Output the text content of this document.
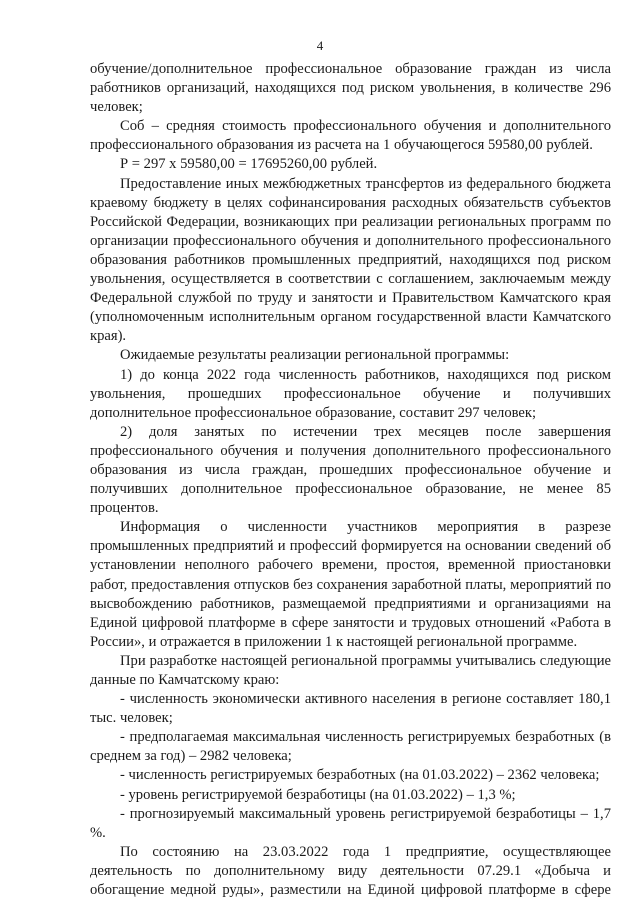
4

обучение/дополнительное профессиональное образование граждан из числа работников организаций, находящихся под риском увольнения, в количестве 296 человек;

Соб – средняя стоимость профессионального обучения и дополнительного профессионального образования из расчета на 1 обучающегося 59580,00 рублей.

Р = 297 х 59580,00 = 17695260,00 рублей.

Предоставление иных межбюджетных трансфертов из федерального бюджета краевому бюджету в целях софинансирования расходных обязательств субъектов Российской Федерации, возникающих при реализации региональных программ по организации профессионального обучения и дополнительного профессионального образования работников промышленных предприятий, находящихся под риском увольнения, осуществляется в соответствии с соглашением, заключаемым между Федеральной службой по труду и занятости и Правительством Камчатского края (уполномоченным исполнительным органом государственной власти Камчатского края).

Ожидаемые результаты реализации региональной программы:

1) до конца 2022 года численность работников, находящихся под риском увольнения, прошедших профессиональное обучение и получивших дополнительное профессиональное образование, составит 297 человек;

2) доля занятых по истечении трех месяцев после завершения профессионального обучения и получения дополнительного профессионального образования из числа граждан, прошедших профессиональное обучение и получивших дополнительное профессиональное образование, не менее 85 процентов.

Информация о численности участников мероприятия в разрезе промышленных предприятий и профессий формируется на основании сведений об установлении неполного рабочего времени, простоя, временной приостановки работ, предоставления отпусков без сохранения заработной платы, мероприятий по высвобождению работников, размещаемой предприятиями и организациями на Единой цифровой платформе в сфере занятости и трудовых отношений «Работа в России», и отражается в приложении 1 к настоящей региональной программе.

При разработке настоящей региональной программы учитывались следующие данные по Камчатскому краю:

- численность экономически активного населения в регионе составляет 180,1 тыс. человек;

- предполагаемая максимальная численность регистрируемых безработных (в среднем за год) – 2982 человека;

- численность регистрируемых безработных (на 01.03.2022) – 2362 человека;

- уровень регистрируемой безработицы (на 01.03.2022) – 1,3 %;

- прогнозируемый максимальный уровень регистрируемой безработицы – 1,7 %.

По состоянию на 23.03.2022 года 1 предприятие, осуществляющее деятельность по дополнительному виду деятельности 07.29.1 «Добыча и обогащение медной руды», разместили на Единой цифровой платформе в сфере
